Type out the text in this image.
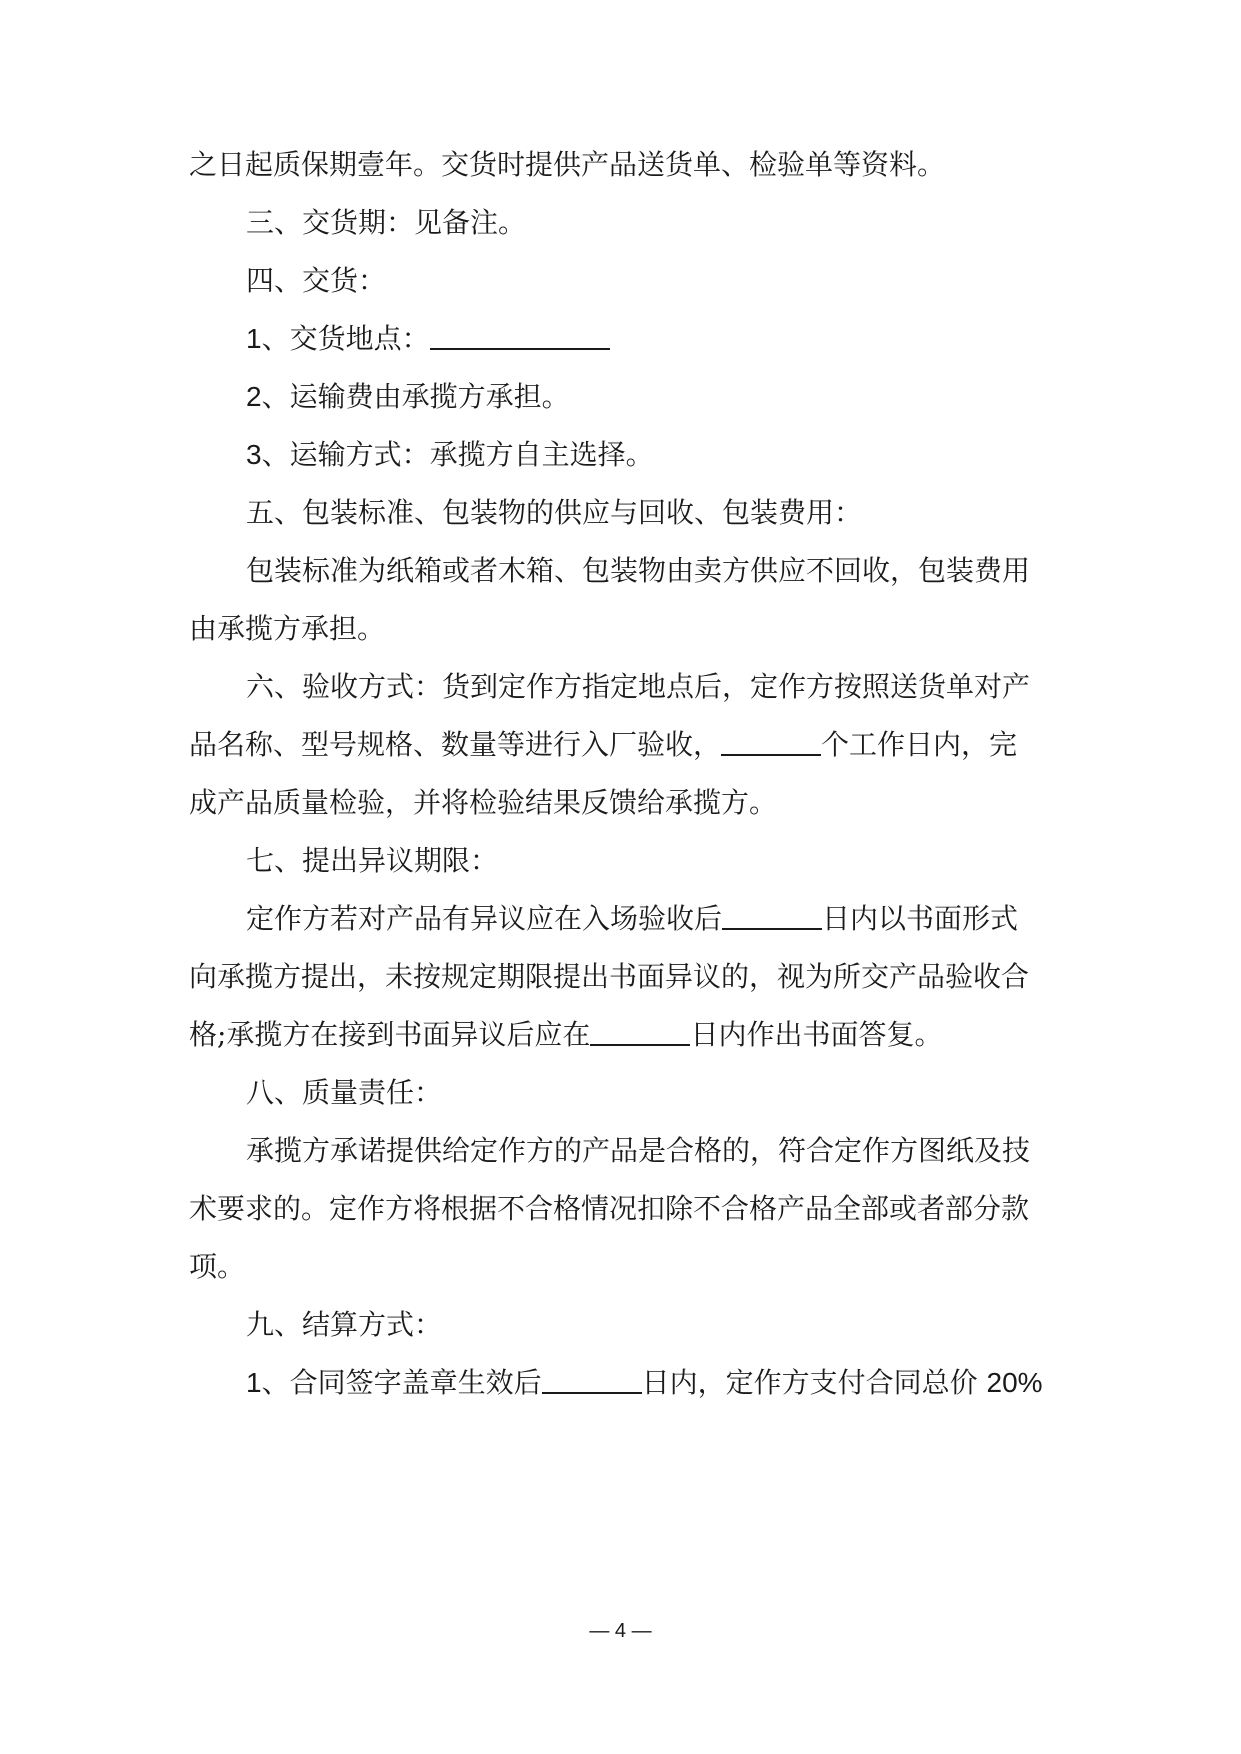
之日起质保期壹年。交货时提供产品送货单、检验单等资料。
三、交货期：见备注。
四、交货：
1、交货地点：
2、运输费由承揽方承担。
3、运输方式：承揽方自主选择。
五、包装标准、包装物的供应与回收、包装费用：
包装标准为纸箱或者木箱、包装物由卖方供应不回收，包装费用
由承揽方承担。
六、验收方式：货到定作方指定地点后，定作方按照送货单对产
品名称、型号规格、数量等进行入厂验收，	个工作日内，完
成产品质量检验，并将检验结果反馈给承揽方。
七、提出异议期限：
定作方若对产品有异议应在入场验收后	日内以书面形式
向承揽方提出，未按规定期限提出书面异议的，视为所交产品验收合
格;承揽方在接到书面异议后应在	日内作出书面答复。
八、质量责任：
承揽方承诺提供给定作方的产品是合格的，符合定作方图纸及技
术要求的。定作方将根据不合格情况扣除不合格产品全部或者部分款
项。
九、结算方式：
1、合同签字盖章生效后	日内，定作方支付合同总价 20%
— 4 —
